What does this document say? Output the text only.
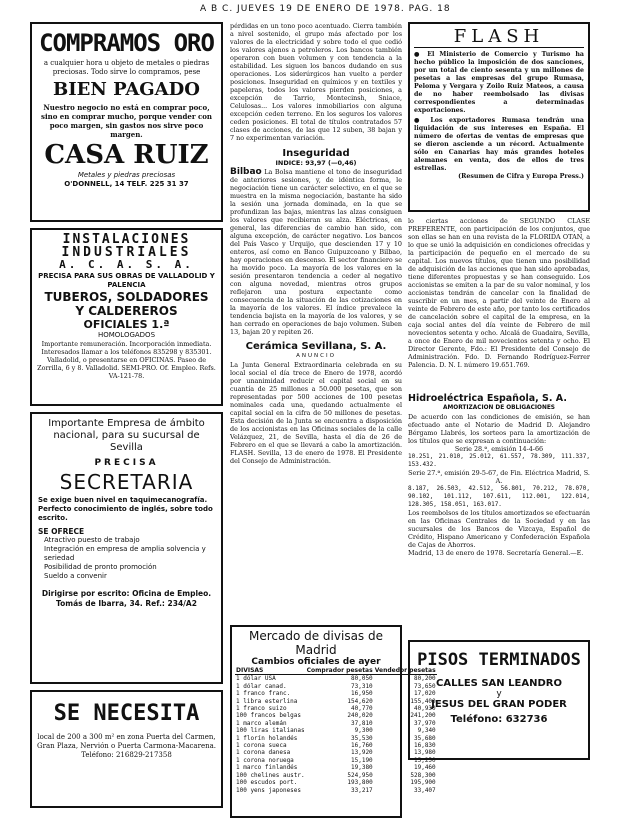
A B C. JUEVES 19 DE ENERO DE 1978. PAG. 18
COMPRAMOS ORO
a cualquier hora u objeto de metales o piedras preciosas. Todo sirve lo compramos, pese
BIEN PAGADO
Nuestro negocio no está en comprar poco, sino en comprar mucho, porque vender con poco margen, sin gastos nos sirve poco margen.
CASA RUIZ
Metales y piedras preciosas
O'DONNELL, 14 TELF. 225 31 37
INSTALACIONES
INDUSTRIALES
A. C. A. S. A.
PRECISA PARA SUS OBRAS DE VALLADOLID Y PALENCIA
TUBEROS, SOLDADORES
Y CALDEREROS
OFICIALES 1.ª
HOMOLOGADOS
Importante remuneración. Incorporación inmediata. Interesados llamar a los teléfonos 835298 y 835301. Valladolid, o presentarse en OFICINAS. Paseo de Zorrilla, 6 y 8. Valladolid. SEMI-PRO. Of. Empleo. Refs. VA-121-78.
Importante Empresa de ámbito nacional, para su sucursal de Sevilla
PRECISA
SECRETARIA
Se exige buen nivel en taquimecanografía. Perfecto conocimiento de inglés, sobre todo escrito.
SE OFRECE
Atractivo puesto de trabajo
Integración en empresa de amplia solvencia y seriedad
Posibilidad de pronto promoción
Sueldo a convenir
Dirigirse por escrito: Oficina de Empleo. Tomás de Ibarra, 34. Ref.: 234/A2
SE NECESITA
local de 200 a 300 m² en zona Puerta del Carmen, Gran Plaza, Nervión o Puerta Carmona-Macarena. Teléfono: 216829-217358
pérdidas en un tono poco acentuado. Cierra también a nivel sostenido, el grupo más afectado por los valores de la electricidad y sobre todo el que cedió los valores ajenos a petroleros. Los bancos también operaron con buen volumen y con tendencia a la estabilidad. Les siguen los bancos dudando en sus operaciones. Los siderúrgicos han vuelto a perder posiciones. Inseguridad en químicos y en textiles y papeleras, todos los valores pierden posiciones, a excepción de Tarrio, Montecinsh, Sniace, Celulosas... Los valores inmobiliarios con alguna excepción ceden terreno. En los seguros los valores ceden posiciones. El total de títulos contratados 57 clases de acciones, de las que 12 suben, 38 bajan y 7 no experimentan variación.
Inseguridad
INDICE: 93,97 (—0,46)
Bilbao La Bolsa mantiene el tono de inseguridad de anteriores sesiones, y, de idéntica forma, le negociación tiene un carácter selectivo, en el que se muestra en la misma negociación, bastante ha sido la sesión una jornada dominada, en la que se profundizan las bajas, mientras las alzas consiguen los valores que recibieran su alza. Eléctricas, en general, las diferencias de cambio han sido, con alguna excepción, de carácter negativo. Los bancos del País Vasco y Urquijo, que descienden 17 y 10 enteros, así como en Banco Guipuzcoano y Bilbao, hay operaciones en descenso. El sector financiero se ha movido poco. La mayoría de los valores en la sesión presentaron tendencia a ceder al negativo con alguna novedad, mientras otros grupos reflejaron una postura expectante como consecuencia de la situación de las cotizaciones en la mayoría de los valores. El índice prevalece la tendencia bajista en la mayoría de los valores, y se han cerrado en operaciones de bajo volumen. Suben 13, bajan 20 y repiten 26.
Cerámica Sevillana, S. A.
ANUNCIO
La Junta General Extraordinaria celebrada en su local social el día trece de Enero de 1978, acordó por unanimidad reducir el capital social en su cuantía de 25 millones a 50.000 pesetas, que son representadas por 500 acciones de 100 pesetas nominales cada una, quedando actualmente el capital social en la cifra de 50 millones de pesetas. Esta decisión de la Junta se encuentra a disposición de los accionistas en las Oficinas sociales de la calle Velázquez, 21, de Sevilla, hasta el día de 26 de Febrero en el que se llevará a cabo la amortización. FLASH. Sevilla, 13 de enero de 1978. El Presidente del Consejo de Administración.
Mercado de divisas de Madrid
Cambios oficiales de ayer
DIVISAS	Comprador pesetas	Vendedor pesetas
1 dólar USA	80,050	80,200
1 dólar canad.	73,310	73,650
1 franco franc.	16,950	17,020
1 libra esterlina	154,620	155,400
1 franco suizo	40,770	40,930
100 francos belgas	240,020	241,200
1 marco alemán	37,810	37,970
100 liras italianas	9,300	9,340
1 florín holandés	35,530	35,680
1 corona sueca	16,760	16,830
1 corona danesa	13,920	13,980
1 corona noruega	15,190	15,250
1 marco finlandés	19,380	19,460
100 chelines austr.	524,950	528,300
100 escudos port.	193,800	195,900
100 yens japoneses	33,217	33,407
FLASH
● El Ministerio de Comercio y Turismo ha hecho público la imposición de dos sanciones, por un total de ciento sesenta y un millones de pesetas a las empresas del grupo Rumasa, Peloma y Vergara y Zoilo Ruiz Mateos, a causa de no haber reembolsado las divisas correspondientes a determinadas exportaciones.
● Los exportadores Rumasa tendrán una liquidación de sus intereses en España. El número de ofertas de ventas de empresas que se dieron asciende a un récord. Actualmente sólo en Canarias hay más grandes hoteles alemanes en venta, dos de ellos de tres estrellas.
(Resumen de Cifra y Europa Press.)
lo ciertas acciones de SEGUNDO CLASE PREFERENTE, con participación de los conjuntos, que son ellas se han en una revista de la FLORIDA OTAN, a lo que se unió la adquisición en condiciones ofrecidas y la participación de pequeño en el mercado de su capital. Los nuevos títulos, que tienen una posibilidad de adquisición de las acciones que han sido aprobadas, tiene diferentes propuestas y se han conseguido. Los accionistas se emiten a la par de su valor nominal, y los accionistas tendrán de cancelar con la finalidad de suscribir en un mes, a partir del veinte de Enero al veinte de Febrero de este año, por tanto los certificados de cancelación sobre el capital de la empresa, en la caja social antes del día veinte de Febrero de mil novecientos setenta y ocho. Alcalá de Guadaira, Sevilla, a once de Enero de mil novecientos setenta y ocho. El Director Gerente, Fdo.: El Presidente del Consejo de Administración. Fdo. D. Fernando Rodríguez-Ferrer Palencia. D. N. I. número 19.651.769.
Hidroeléctrica Española, S. A.
AMORTIZACION DE OBLIGACIONES
De acuerdo con las condiciones de emisión, se han efectuado ante el Notario de Madrid D. Alejandro Bérgamo Llabrés, los sorteos para la amortización de los títulos que se expresan a continuación:
Serie 28.ª, emisión 14-4-66
10.251, 21.010, 25.012, 61.557, 78.309, 111.337, 153.432.
Serie 27.ª, emisión 29-5-67, de Fin. Eléctrica Madrid, S. A.
8.187, 26.503, 42.512, 56.801, 70.212, 78.070, 90.102, 101.112, 107.611, 112.001, 122.014, 128.305, 158.051, 163.017.
Los reembolsos de los títulos amortizados se efectuarán en las Oficinas Centrales de la Sociedad y en las sucursales de los Bancos de Vizcaya, Español de Crédito, Hispano Americano y Confederación Española de Cajas de Ahorros.
Madrid, 13 de enero de 1978. Secretaría General.—E.
PISOS TERMINADOS
CALLES SAN LEANDRO
y
JESUS DEL GRAN PODER
Teléfono: 632736
